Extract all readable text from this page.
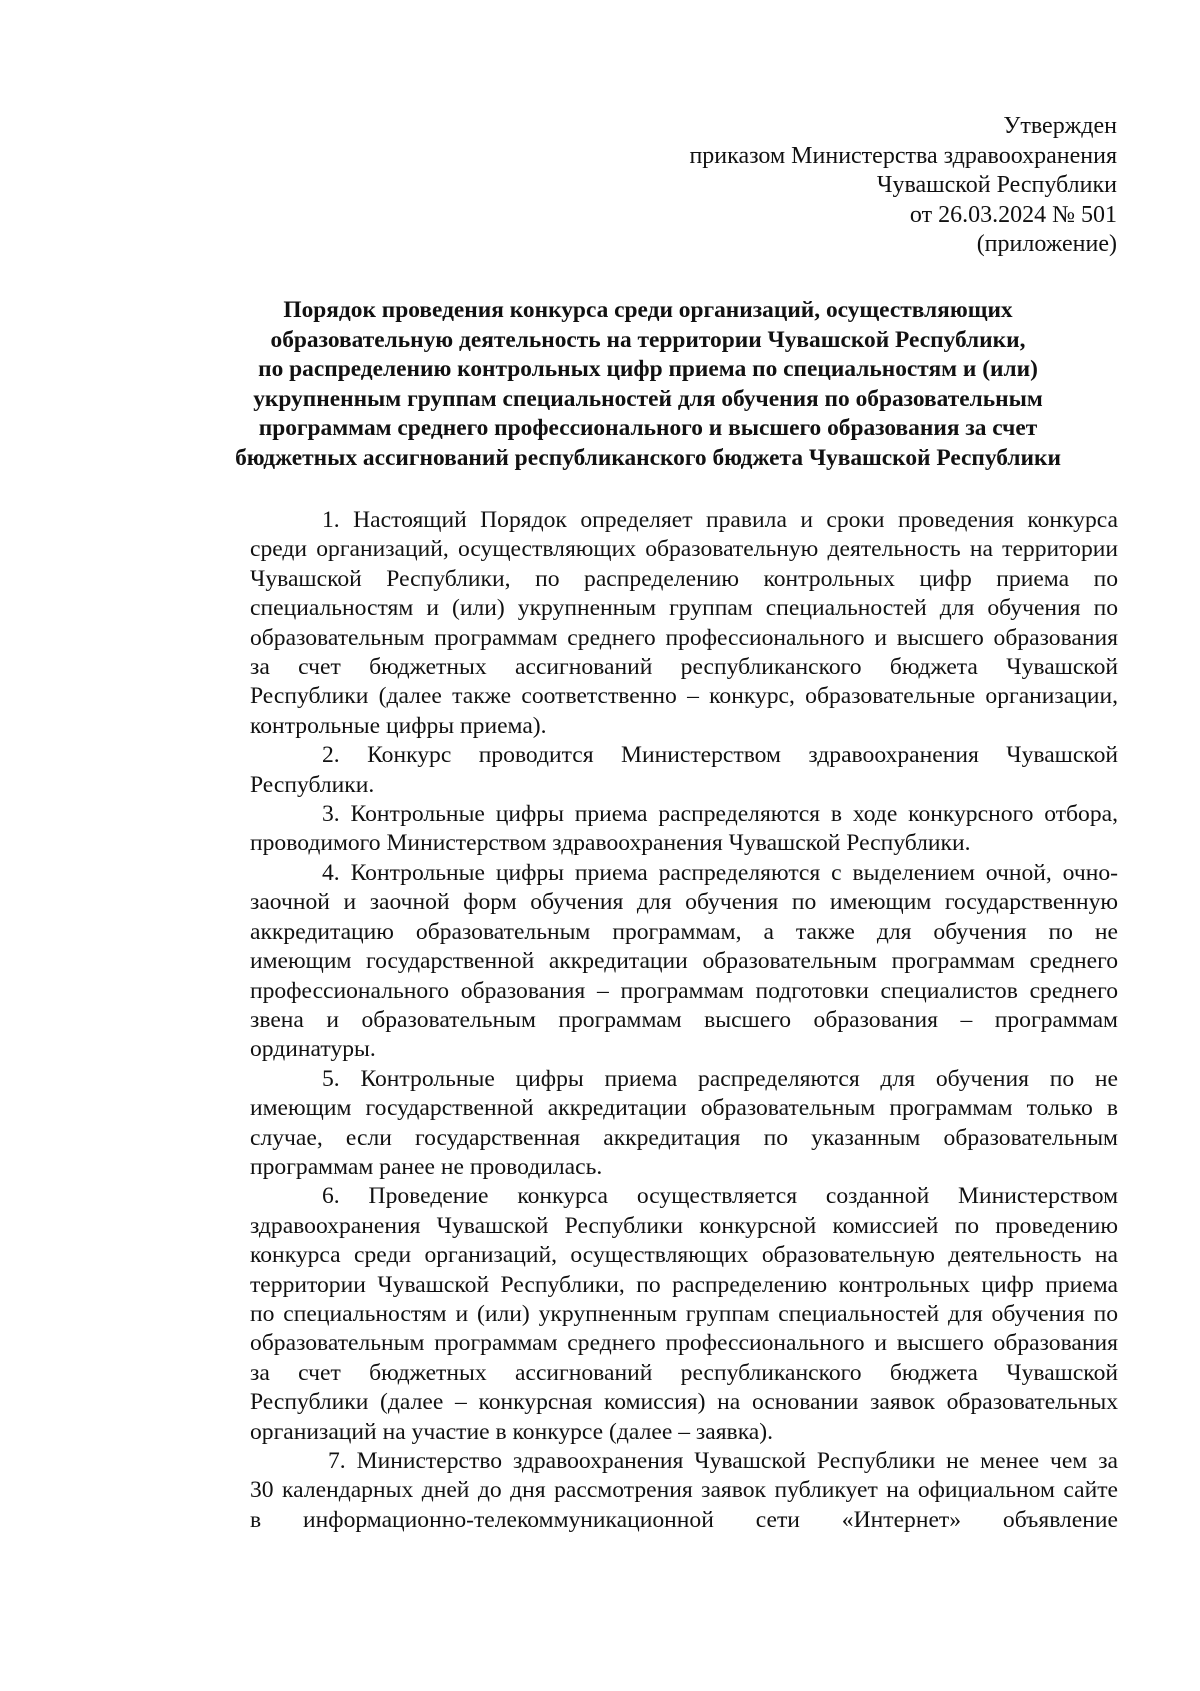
Утвержден
приказом Министерства здравоохранения
Чувашской Республики
от 26.03.2024 № 501
(приложение)
Порядок проведения конкурса среди организаций, осуществляющих
образовательную деятельность на территории Чувашской Республики,
по распределению контрольных цифр приема по специальностям и (или)
укрупненным группам специальностей для обучения по образовательным
программам среднего профессионального и высшего образования за счет
бюджетных ассигнований республиканского бюджета Чувашской Республики

1. Настоящий Порядок определяет правила и сроки проведения конкурса
среди организаций, осуществляющих образовательную деятельность на территории
Чувашской Республики, по распределению контрольных цифр приема по
специальностям и (или) укрупненным группам специальностей для обучения по
образовательным программам среднего профессионального и высшего образования
за счет бюджетных ассигнований республиканского бюджета Чувашской
Республики (далее также соответственно – конкурс, образовательные организации,
контрольные цифры приема).

2. Конкурс проводится Министерством здравоохранения Чувашской
Республики.

3. Контрольные цифры приема распределяются в ходе конкурсного отбора,
проводимого Министерством здравоохранения Чувашской Республики.

4. Контрольные цифры приема распределяются с выделением очной, очно-
заочной и заочной форм обучения для обучения по имеющим государственную
аккредитацию образовательным программам, а также для обучения по не
имеющим государственной аккредитации образовательным программам среднего
профессионального образования – программам подготовки специалистов среднего
звена и образовательным программам высшего образования – программам
ординатуры.

5. Контрольные цифры приема распределяются для обучения по не
имеющим государственной аккредитации образовательным программам только в
случае, если государственная аккредитация по указанным образовательным
программам ранее не проводилась.

6. Проведение конкурса осуществляется созданной Министерством
здравоохранения Чувашской Республики конкурсной комиссией по проведению
конкурса среди организаций, осуществляющих образовательную деятельность на
территории Чувашской Республики, по распределению контрольных цифр приема
по специальностям и (или) укрупненным группам специальностей для обучения по
образовательным программам среднего профессионального и высшего образования
за счет бюджетных ассигнований республиканского бюджета Чувашской
Республики (далее – конкурсная комиссия) на основании заявок образовательных
организаций на участие в конкурсе (далее – заявка).

7. Министерство здравоохранения Чувашской Республики не менее чем за
30 календарных дней до дня рассмотрения заявок публикует на официальном сайте
в информационно-телекоммуникационной сети «Интернет» объявление
